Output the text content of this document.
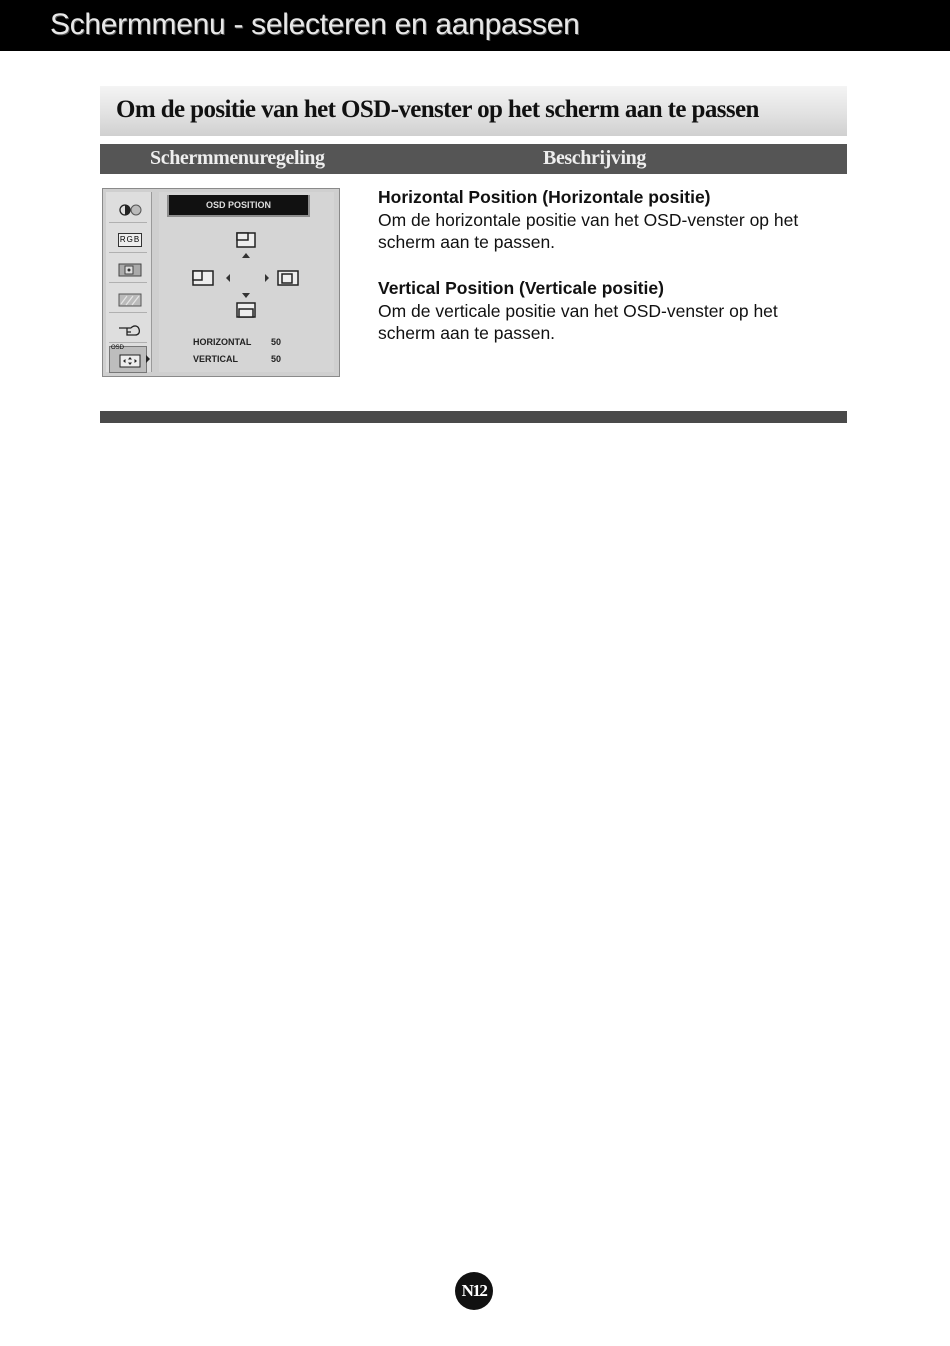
Schermmenu - selecteren en aanpassen
Om de positie van het OSD-venster op het scherm aan te passen
Schermmenuregeling	Beschrijving
RGB
OSD
OSD POSITION
HORIZONTAL 50
VERTICAL	50
Horizontal Position (Horizontale positie)
Om de horizontale positie van het OSD-venster op het scherm aan te passen.
Vertical Position (Verticale positie)
Om de verticale positie van het OSD-venster op het scherm aan te passen.
N12
